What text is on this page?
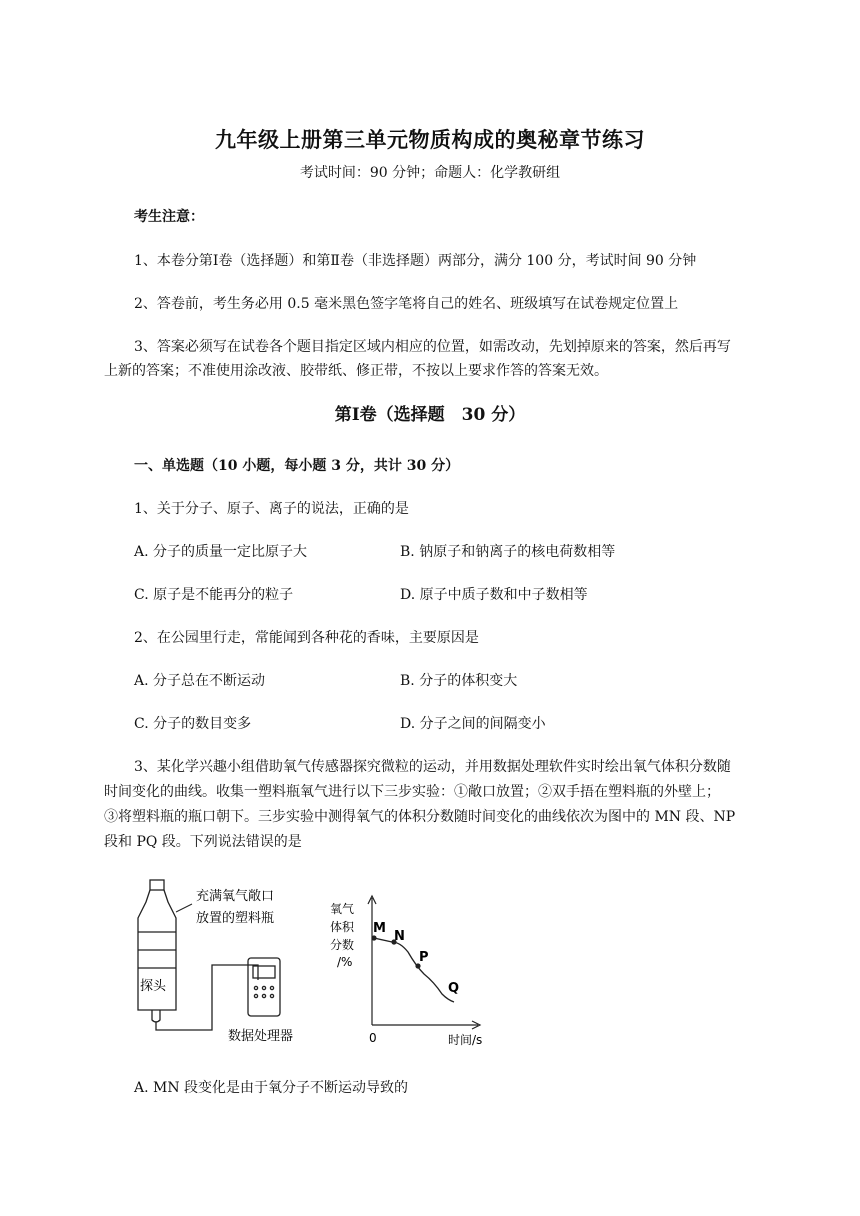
九年级上册第三单元物质构成的奥秘章节练习
考试时间：90 分钟；命题人：化学教研组
考生注意：
1、本卷分第Ⅰ卷（选择题）和第Ⅱ卷（非选择题）两部分，满分 100 分，考试时间 90 分钟
2、答卷前，考生务必用 0.5 毫米黑色签字笔将自己的姓名、班级填写在试卷规定位置上
3、答案必须写在试卷各个题目指定区域内相应的位置，如需改动，先划掉原来的答案，然后再写
上新的答案；不准使用涂改液、胶带纸、修正带，不按以上要求作答的答案无效。
第Ⅰ卷（选择题　30 分）
一、单选题（10 小题，每小题 3 分，共计 30 分）
1、关于分子、原子、离子的说法，正确的是
A. 分子的质量一定比原子大	B. 钠原子和钠离子的核电荷数相等
C. 原子是不能再分的粒子	D. 原子中质子数和中子数相等
2、在公园里行走，常能闻到各种花的香味，主要原因是
A. 分子总在不断运动	B. 分子的体积变大
C. 分子的数目变多	D. 分子之间的间隔变小
3、某化学兴趣小组借助氧气传感器探究微粒的运动，并用数据处理软件实时绘出氧气体积分数随
时间变化的曲线。收集一塑料瓶氧气进行以下三步实验：①敞口放置；②双手捂在塑料瓶的外壁上；
③将塑料瓶的瓶口朝下。三步实验中测得氧气的体积分数随时间变化的曲线依次为图中的 MN 段、NP
段和 PQ 段。下列说法错误的是
充满氧气敞口
放置的塑料瓶
探头
数据处理器
氧气
体积
分数
/%
0	时间/s
M
N
P
Q
A. MN 段变化是由于氧分子不断运动导致的
